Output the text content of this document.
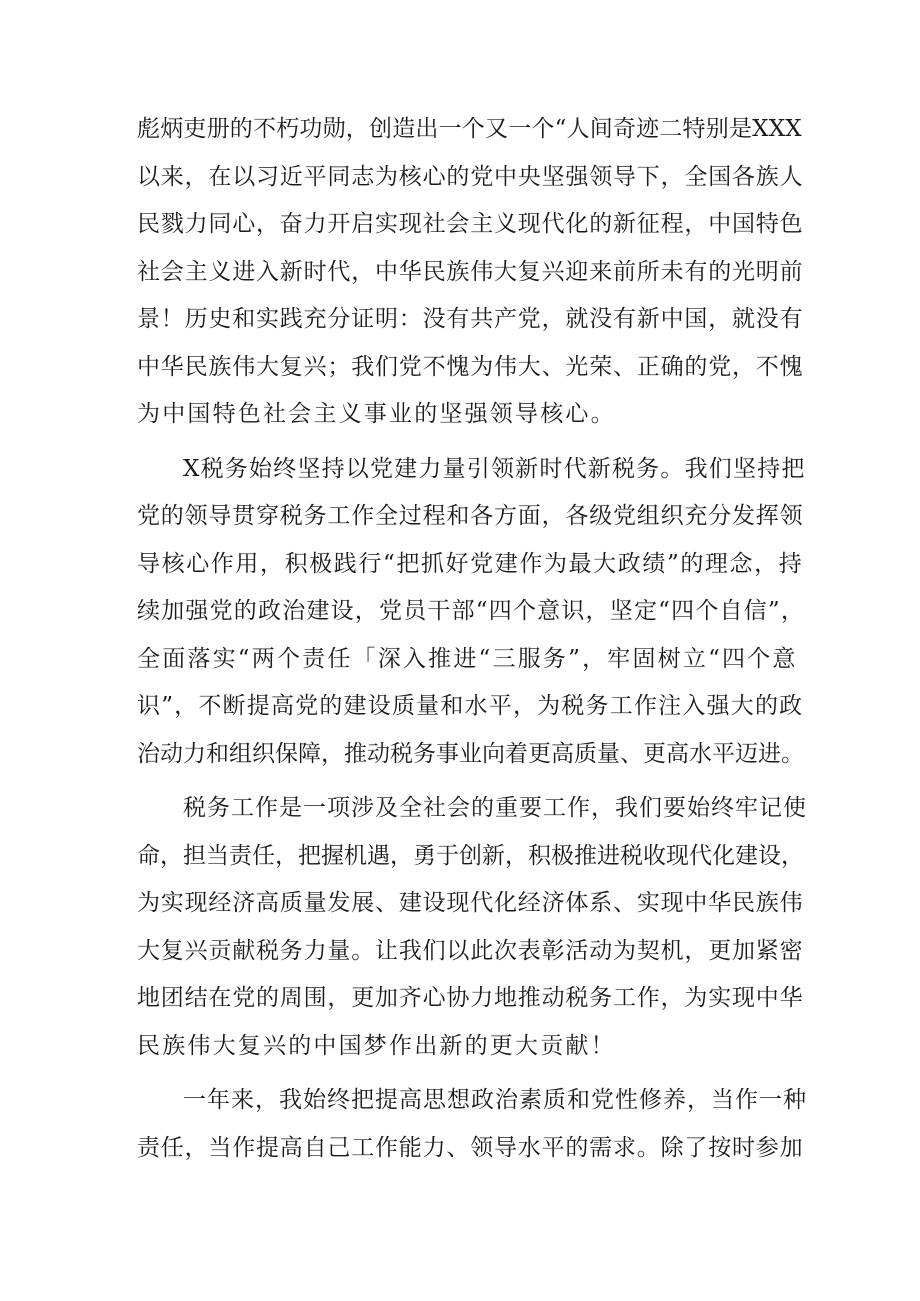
彪炳吏册的不朽功勋，创造出一个又一个“人间奇迹二特别是XXX
以来，在以习近平同志为核心的党中央坚强领导下，全国各族人
民戮力同心，奋力开启实现社会主义现代化的新征程，中国特色
社会主义进入新时代，中华民族伟大复兴迎来前所未有的光明前
景！历史和实践充分证明：没有共产党，就没有新中国，就没有
中华民族伟大复兴；我们党不愧为伟大、光荣、正确的党，不愧
为中国特色社会主义事业的坚强领导核心。
X税务始终坚持以党建力量引领新时代新税务。我们坚持把
党的领导贯穿税务工作全过程和各方面，各级党组织充分发挥领
导核心作用，积极践行“把抓好党建作为最大政绩”的理念，持
续加强党的政治建设，党员干部“四个意识，坚定“四个自信”，
全面落实“两个责任「深入推进“三服务”，牢固树立“四个意
识”，不断提高党的建设质量和水平，为税务工作注入强大的政
治动力和组织保障，推动税务事业向着更高质量、更高水平迈进。
税务工作是一项涉及全社会的重要工作，我们要始终牢记使
命，担当责任，把握机遇，勇于创新，积极推进税收现代化建设，
为实现经济高质量发展、建设现代化经济体系、实现中华民族伟
大复兴贡献税务力量。让我们以此次表彰活动为契机，更加紧密
地团结在党的周围，更加齐心协力地推动税务工作，为实现中华
民族伟大复兴的中国梦作出新的更大贡献！
一年来，我始终把提高思想政治素质和党性修养，当作一种
责任，当作提高自己工作能力、领导水平的需求。除了按时参加
